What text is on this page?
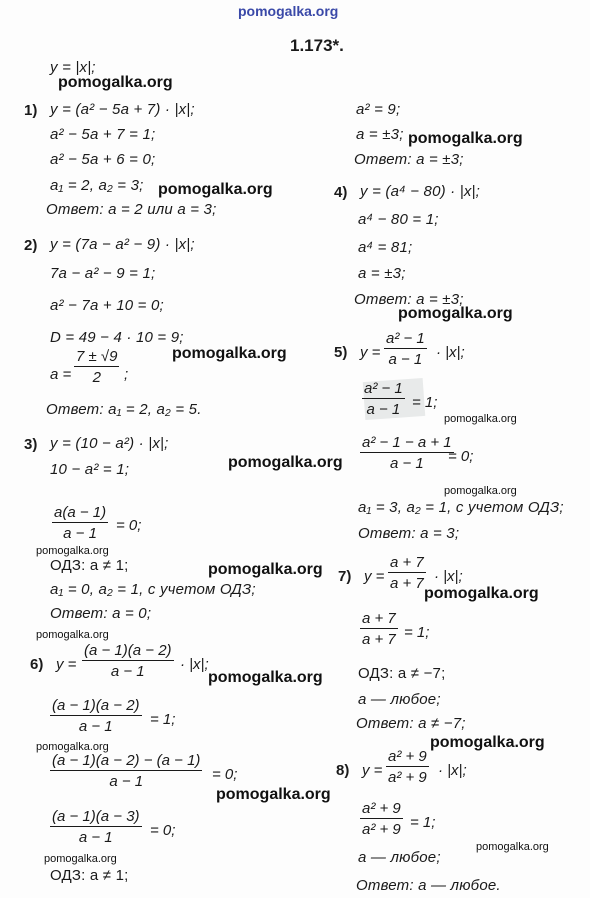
pomogalka.org
1.173*.
y = |x|;
1) y = (a² − 5a + 7) · |x|;
a² − 5a + 7 = 1;
a² − 5a + 6 = 0;
a₁ = 2, a₂ = 3;
Ответ: a = 2 или a = 3;
2) y = (7a − a² − 9) · |x|;
7a − a² − 9 = 1;
a² − 7a + 10 = 0;
D = 49 − 4 · 10 = 9;
$a = \frac{7 \pm √9}{2}$ ;
Ответ: a₁ = 2, a₂ = 5.
3) y = (10 − a²) · |x|;
10 − a² = 1;
$\frac{a(a - 1)}{a - 1} = 0$;
ОДЗ: a ≠ 1;
a₁ = 0, a₂ = 1, с учетом ОДЗ;
Ответ: a = 0;
6) $y = \frac{(a - 1)(a - 2)}{a - 1} \cdot |x|$;
$\frac{(a - 1)(a - 2)}{a - 1} = 1$;
$\frac{(a - 1)(a - 2) - (a - 1)}{a - 1} = 0$;
$\frac{(a - 1)(a - 3)}{a - 1} = 0$;
ОДЗ: a ≠ 1;
a² = 9;
a = ±3;
Ответ: a = ±3;
4) y = (a⁴ − 80) · |x|;
a⁴ − 80 = 1;
a⁴ = 81;
a = ±3;
Ответ: a = ±3;
5) $y = \frac{\text{a² − 1}}{a - 1} \cdot |x|$;
$\frac{\text{a² − 1}}{a - 1} = 1$;
$\frac{\text{a² − 1 − a + 1}}{a - 1}$
= 0;
a₁ = 3, a₂ = 1, с учетом ОДЗ;
Ответ: a = 3;
7) $y = \frac{a + 7}{a + 7} \cdot |x|$;
$\frac{a + 7}{a + 7} = 1$;
ОДЗ: a ≠ −7;
a — любое;
Ответ: a ≠ −7;
8) $y = \frac{\text{a² + 9}}{\text{a² + 9}} \cdot |x|$;
$\frac{\text{a² + 9}}{\text{a² + 9}} = 1$;
a — любое;
Ответ: a — любое.
pomogalka.org
pomogalka.org
pomogalka.org
pomogalka.org
pomogalka.org
pomogalka.org
pomogalka.org
pomogalka.org
pomogalka.org
pomogalka.org
pomogalka.org
pomogalka.org
pomogalka.org
pomogalka.org
pomogalka.org
pomogalka.org
pomogalka.org
pomogalka.org
